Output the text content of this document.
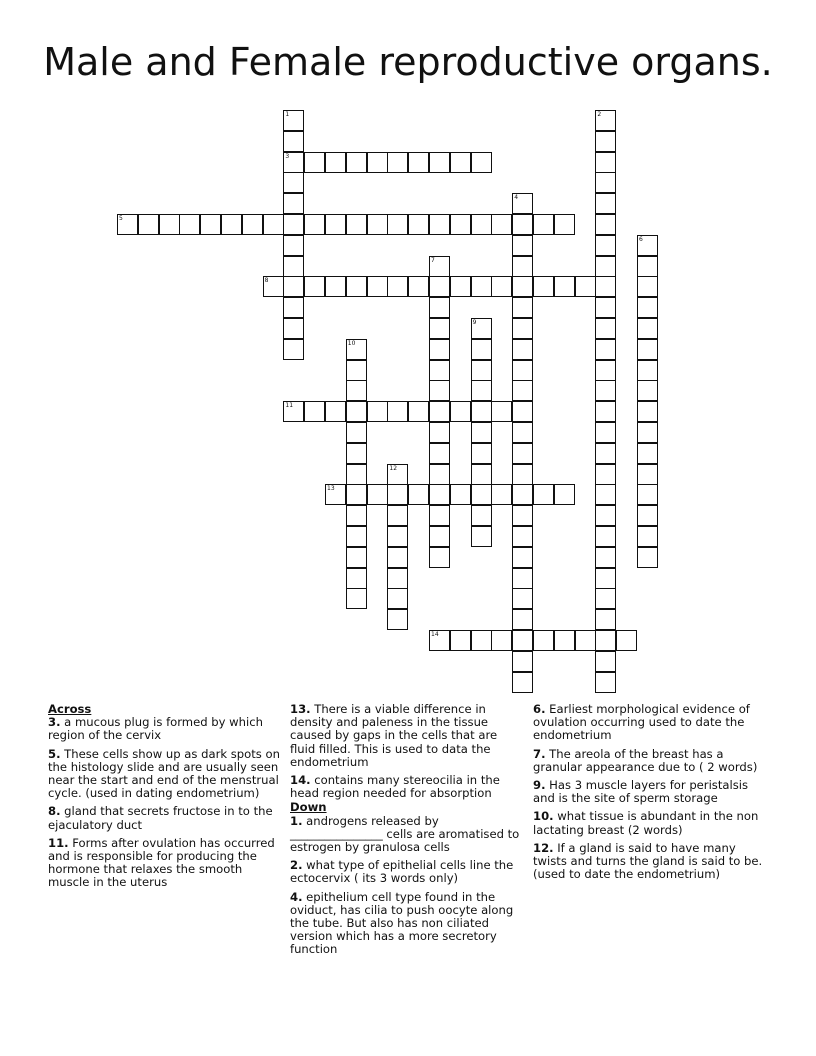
Male and Female reproductive organs.
1
3
2
4
5
6
7
8
9
10
11
12
13
14
Across
3. a mucous plug is formed by which region of the cervix
5. These cells show up as dark spots on the histology slide and are usually seen near the start and end of the menstrual cycle. (used in dating endometrium)
8. gland that secrets fructose in to the ejaculatory duct
11. Forms after ovulation has occurred and is responsible for producing the hormone that relaxes the smooth muscle in the uterus
13. There is a viable difference in density and paleness in the tissue caused by gaps in the cells that are fluid filled. This is used to data the endometrium
14. contains many stereocilia in the head region needed for absorption
Down
1. androgens released by ________________ cells are aromatised to estrogen by granulosa cells
2. what type of epithelial cells line the ectocervix ( its 3 words only)
4. epithelium cell type found in the oviduct, has cilia to push oocyte along the tube. But also has non ciliated version which has a more secretory function
6. Earliest morphological evidence of ovulation occurring used to date the endometrium
7. The areola of the breast has a granular appearance due to ( 2 words)
9. Has 3 muscle layers for peristalsis and is the site of sperm storage
10. what tissue is abundant in the non lactating breast (2 words)
12. If a gland is said to have many twists and turns the gland is said to be. (used to date the endometrium)
